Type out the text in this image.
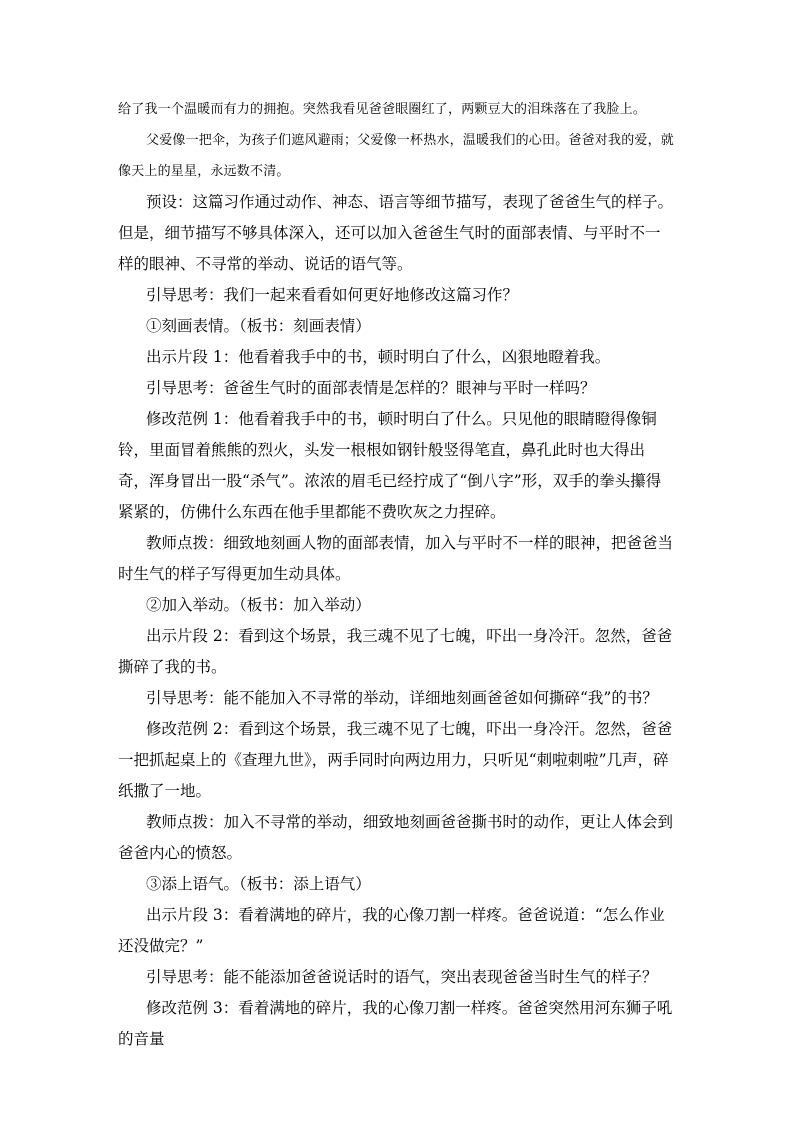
给了我一个温暖而有力的拥抱。突然我看见爸爸眼圈红了，两颗豆大的泪珠落在了我脸上。

父爱像一把伞，为孩子们遮风避雨；父爱像一杯热水，温暖我们的心田。爸爸对我的爱，就像天上的星星，永远数不清。

预设：这篇习作通过动作、神态、语言等细节描写，表现了爸爸生气的样子。但是，细节描写不够具体深入，还可以加入爸爸生气时的面部表情、与平时不一样的眼神、不寻常的举动、说话的语气等。

引导思考：我们一起来看看如何更好地修改这篇习作？

①刻画表情。（板书：刻画表情）

出示片段 1：他看着我手中的书，顿时明白了什么，凶狠地瞪着我。

引导思考：爸爸生气时的面部表情是怎样的？眼神与平时一样吗？

修改范例 1：他看着我手中的书，顿时明白了什么。只见他的眼睛瞪得像铜铃，里面冒着熊熊的烈火，头发一根根如钢针般竖得笔直，鼻孔此时也大得出奇，浑身冒出一股“杀气”。浓浓的眉毛已经拧成了“倒八字”形，双手的拳头攥得紧紧的，仿佛什么东西在他手里都能不费吹灰之力捏碎。

教师点拨：细致地刻画人物的面部表情，加入与平时不一样的眼神，把爸爸当时生气的样子写得更加生动具体。

②加入举动。（板书：加入举动）

出示片段 2：看到这个场景，我三魂不见了七魄，吓出一身冷汗。忽然，爸爸撕碎了我的书。

引导思考：能不能加入不寻常的举动，详细地刻画爸爸如何撕碎“我”的书？

修改范例 2：看到这个场景，我三魂不见了七魄，吓出一身冷汗。忽然，爸爸一把抓起桌上的《查理九世》，两手同时向两边用力，只听见“刺啦刺啦”几声，碎纸撒了一地。

教师点拨：加入不寻常的举动，细致地刻画爸爸撕书时的动作，更让人体会到爸爸内心的愤怒。

③添上语气。（板书：添上语气）

出示片段 3：看着满地的碎片，我的心像刀割一样疼。爸爸说道：“怎么作业还没做完？”

引导思考：能不能添加爸爸说话时的语气，突出表现爸爸当时生气的样子？

修改范例 3：看着满地的碎片，我的心像刀割一样疼。爸爸突然用河东狮子吼的音量
